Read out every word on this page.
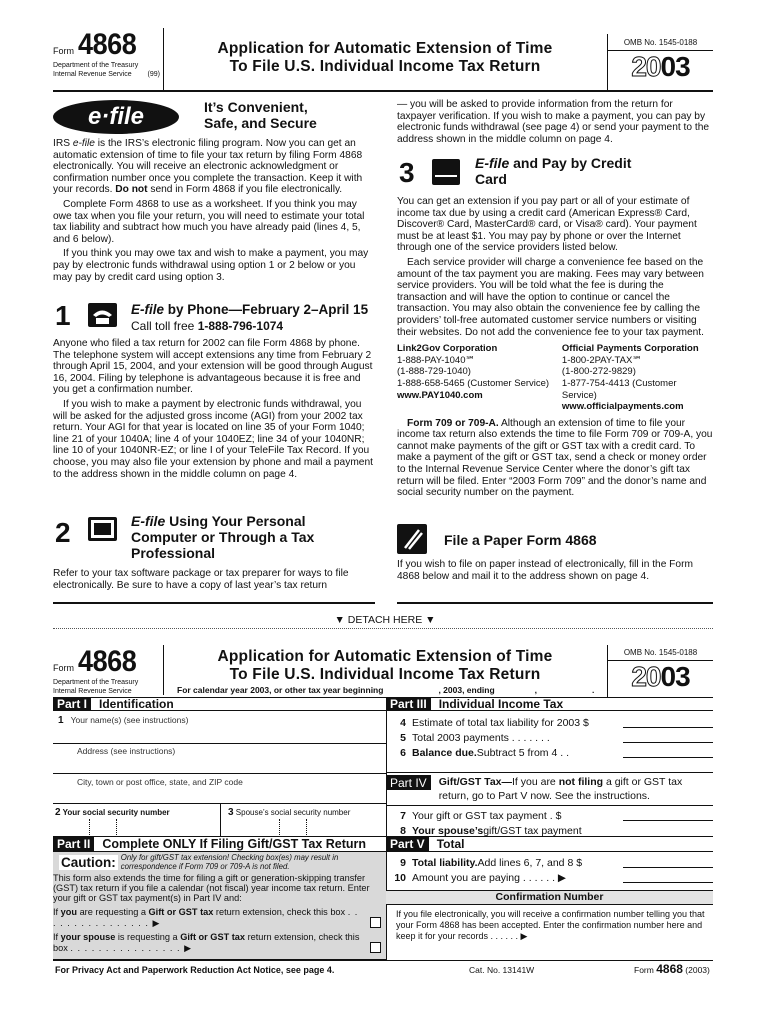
Form 4868
Department of the Treasury
Internal Revenue Service (99)
Application for Automatic Extension of Time
To File U.S. Individual Income Tax Return
OMB No. 1545-0188
2003
e·file	It’s Convenient,
Safe, and Secure

IRS e-file is the IRS’s electronic filing program. Now you can get an automatic extension of time to file your tax return by filing Form 4868 electronically. You will receive an electronic acknowledgment or confirmation number once you complete the transaction. Keep it with your records. Do not send in Form 4868 if you file electronically.

Complete Form 4868 to use as a worksheet. If you think you may owe tax when you file your return, you will need to estimate your total tax liability and subtract how much you have already paid (lines 4, 5, and 6 below).

If you think you may owe tax and wish to make a payment, you may pay by electronic funds withdrawal using option 1 or 2 below or you may pay by credit card using option 3.

1	E-file by Phone—February 2–April 15
Call toll free 1-888-796-1074

Anyone who filed a tax return for 2002 can file Form 4868 by phone. The telephone system will accept extensions any time from February 2 through April 15, 2004, and your extension will be good through August 16, 2004. Filing by telephone is advantageous because it is free and you get a confirmation number.

If you wish to make a payment by electronic funds withdrawal, you will be asked for the adjusted gross income (AGI) from your 2002 tax return. Your AGI for that year is located on line 35 of your Form 1040; line 21 of your 1040A; line 4 of your 1040EZ; line 34 of your 1040NR; line 10 of your 1040NR-EZ; or line I of your TeleFile Tax Record. If you choose, you may also file your extension by phone and mail a payment to the address shown in the middle column on page 4.

2	E-file Using Your Personal Computer or Through a Tax Professional

Refer to your tax software package or tax preparer for ways to file electronically. Be sure to have a copy of last year’s tax return

— you will be asked to provide information from the return for taxpayer verification. If you wish to make a payment, you can pay by electronic funds withdrawal (see page 4) or send your payment to the address shown in the middle column on page 4.

3	E-file and Pay by Credit Card

You can get an extension if you pay part or all of your estimate of income tax due by using a credit card (American Express® Card, Discover® Card, MasterCard® card, or Visa® card). Your payment must be at least $1. You may pay by phone or over the Internet through one of the service providers listed below.

Each service provider will charge a convenience fee based on the amount of the tax payment you are making. Fees may vary between service providers. You will be told what the fee is during the transaction and will have the option to continue or cancel the transaction. You may also obtain the convenience fee by calling the providers’ toll-free automated customer service numbers or visiting their websites. Do not add the convenience fee to your tax payment.

Link2Gov Corporation
1-888-PAY-1040℠
(1-888-729-1040)
1-888-658-5465 (Customer Service)
www.PAY1040.com
Official Payments Corporation
1-800-2PAY-TAX℠
(1-800-272-9829)
1-877-754-4413 (Customer Service)
www.officialpayments.com

Form 709 or 709-A. Although an extension of time to file your income tax return also extends the time to file Form 709 or 709-A, you cannot make payments of the gift or GST tax with a credit card. To make a payment of the gift or GST tax, send a check or money order to the Internal Revenue Service Center where the donor’s gift tax return will be filed. Enter “2003 Form 709” and the donor’s name and social security number on the payment.

File a Paper Form 4868

If you wish to file on paper instead of electronically, fill in the Form 4868 below and mail it to the address shown on page 4.

▼ DETACH HERE ▼
Form 4868
Department of the Treasury
Internal Revenue Service
Application for Automatic Extension of Time
To File U.S. Individual Income Tax Return
For calendar year 2003, or other tax year beginning	, 2003, ending	,	.
OMB No. 1545-0188
2003
Part I	Identification
1 Your name(s) (see instructions)
Address (see instructions)
City, town or post office, state, and ZIP code
2 Your social security number	3 Spouse’s social security number
Part II Complete ONLY If Filing Gift/GST Tax Return
Caution: Only for gift/GST tax extension! Checking box(es) may result in correspondence if Form 709 or 709-A is not filed.

This form also extends the time for filing a gift or generation-skipping transfer (GST) tax return if you file a calendar (not fiscal) year income tax return. Enter your gift or GST tax payment(s) in Part IV and:

If you are requesting a Gift or GST tax return extension, check this box . . . . . . . . . . . . . . . . ▶
If your spouse is requesting a Gift or GST tax return extension, check this box . . . . . . . . . . . . . . . . ▶
For Privacy Act and Paperwork Reduction Act Notice, see page 4.
Part III	Individual Income Tax
4 Estimate of total tax liability for 2003 $
5 Total 2003 payments . . . . . . .
6 Balance due. Subtract 5 from 4 . .
Part IV	Gift/GST Tax—If you are not filing a gift or GST tax return, go to Part V now. See the instructions.
7 Your gift or GST tax payment . $
8 Your spouse’s gift/GST tax payment
Part V	Total
9 Total liability. Add lines 6, 7, and 8 $
10 Amount you are paying . . . . . . ▶
Confirmation Number

If you file electronically, you will receive a confirmation number telling you that your Form 4868 has been accepted. Enter the confirmation number here and keep it for your records . . . . . . ▶

Cat. No. 13141W	Form 4868 (2003)
